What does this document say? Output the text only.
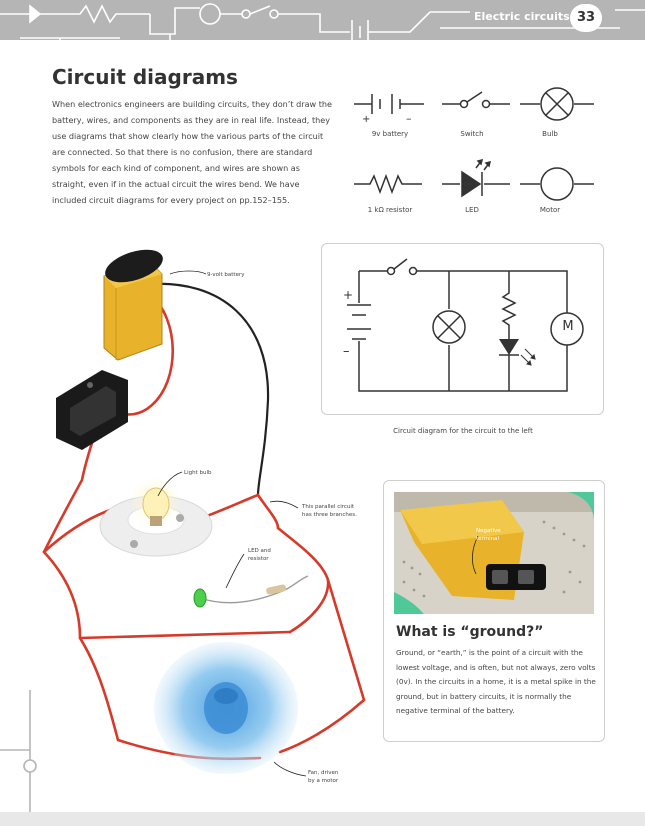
Electric circuits 33
Circuit diagrams
When electronics engineers are building circuits, they don’t draw the battery, wires, and components as they are in real life. Instead, they use diagrams that show clearly how the various parts of the circuit are connected. So that there is no confusion, there are standard symbols for each kind of component, and wires are shown as straight, even if in the actual circuit the wires bend. We have included circuit diagrams for every project on pp.152–155.
+	–
9v battery	Switch	Bulb
1 kΩ resistor	LED	Motor
9-volt battery
Light bulb
This parallel circuit
has three branches.
LED and
resistor
Fan, driven
by a motor
+
–
M
Circuit diagram for the circuit to the left
Negative
terminal
What is “ground?”
Ground, or “earth,” is the point of a circuit with the lowest voltage, and is often, but not always, zero volts (0v). In the circuits in a home, it is a metal spike in the ground, but in battery circuits, it is normally the negative terminal of the battery.
